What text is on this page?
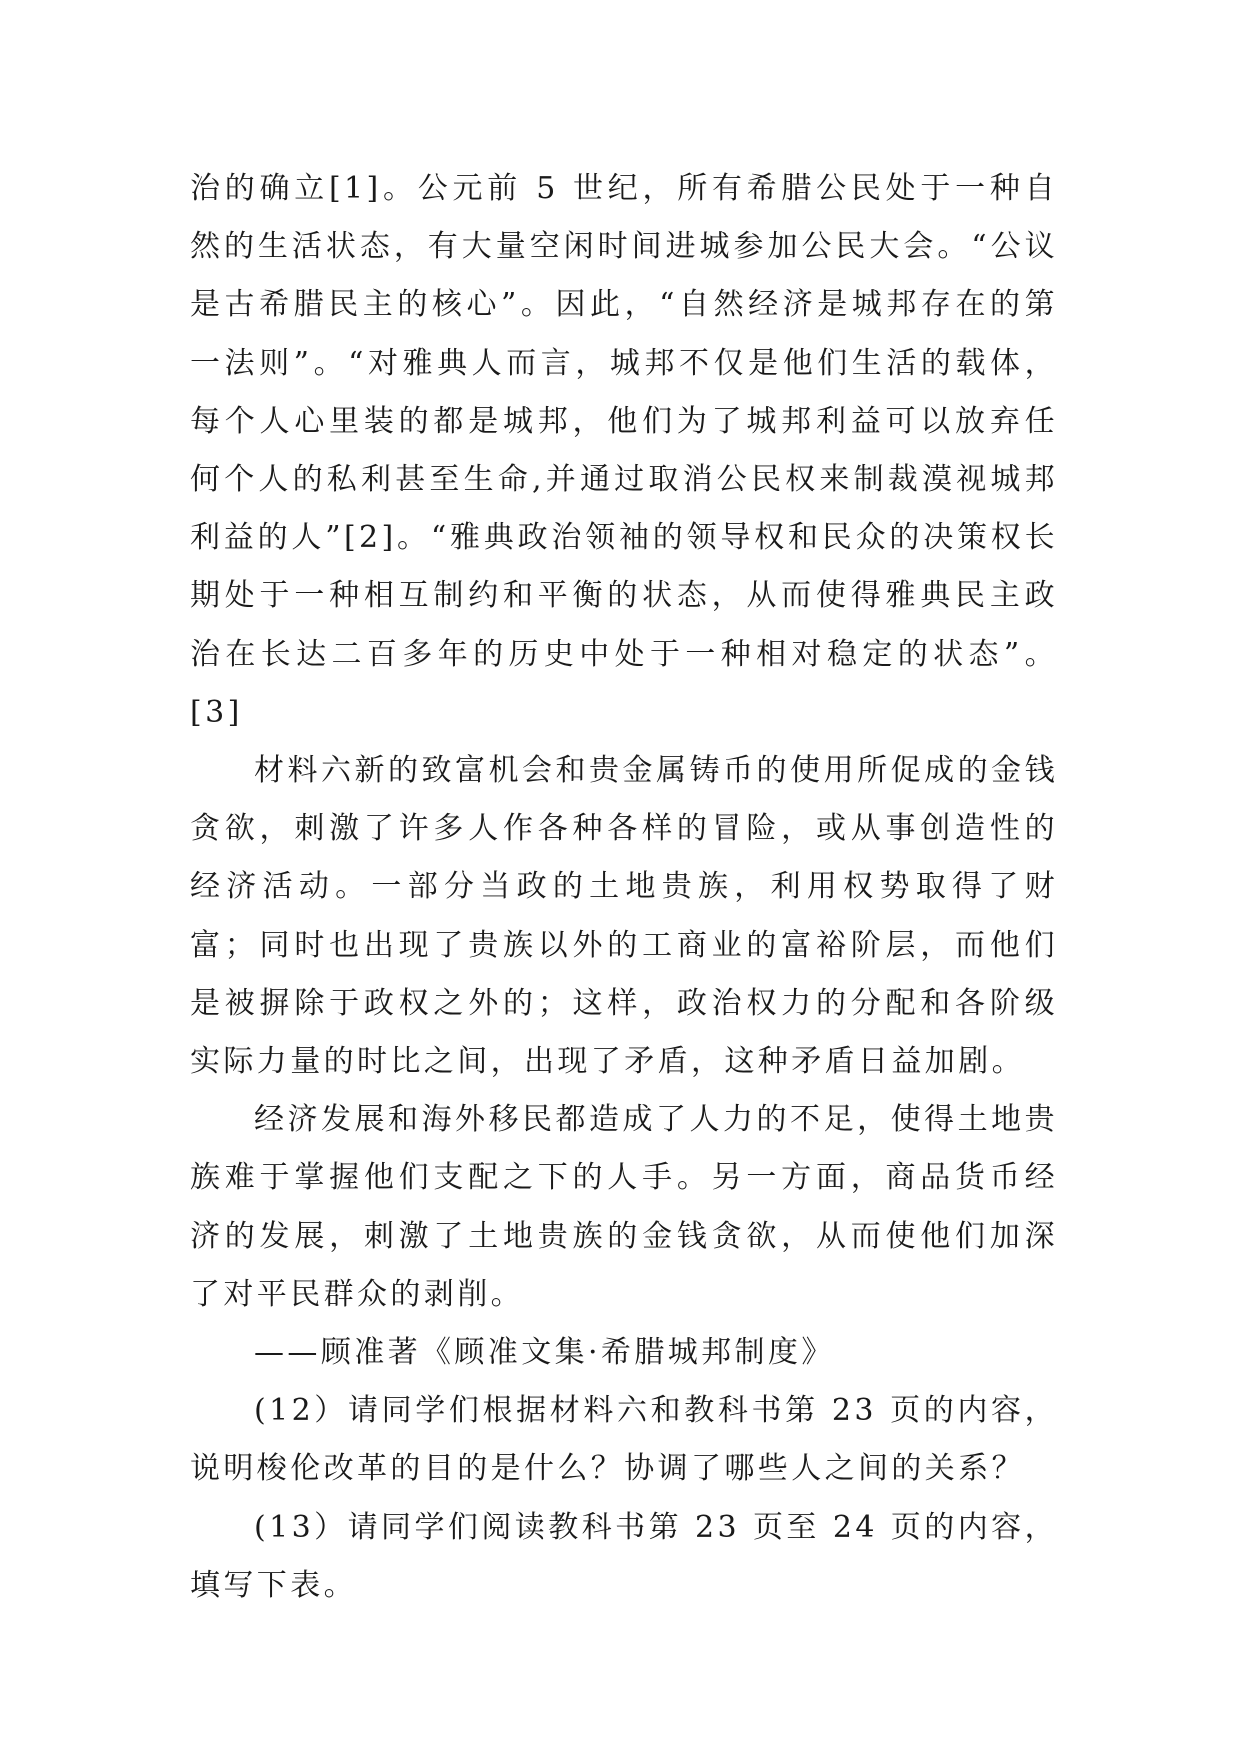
治的确立[1]。公元前 5 世纪，所有希腊公民处于一种自然的生活状态，有大量空闲时间进城参加公民大会。“公议是古希腊民主的核心”。因此，“自然经济是城邦存在的第一法则”。“对雅典人而言，城邦不仅是他们生活的载体，每个人心里装的都是城邦，他们为了城邦利益可以放弃任何个人的私利甚至生命,并通过取消公民权来制裁漠视城邦利益的人”[2]。“雅典政治领袖的领导权和民众的决策权长期处于一种相互制约和平衡的状态，从而使得雅典民主政治在长达二百多年的历史中处于一种相对稳定的状态”。[3]

材料六新的致富机会和贵金属铸币的使用所促成的金钱贪欲，刺激了许多人作各种各样的冒险，或从事创造性的经济活动。一部分当政的土地贵族，利用权势取得了财富；同时也出现了贵族以外的工商业的富裕阶层，而他们是被摒除于政权之外的；这样，政治权力的分配和各阶级实际力量的时比之间，出现了矛盾，这种矛盾日益加剧。

经济发展和海外移民都造成了人力的不足，使得土地贵族难于掌握他们支配之下的人手。另一方面，商品货币经济的发展，刺激了土地贵族的金钱贪欲，从而使他们加深了对平民群众的剥削。

——顾准著《顾准文集·希腊城邦制度》

(12）请同学们根据材料六和教科书第 23 页的内容，说明梭伦改革的目的是什么？协调了哪些人之间的关系？

(13）请同学们阅读教科书第 23 页至 24 页的内容，填写下表。
